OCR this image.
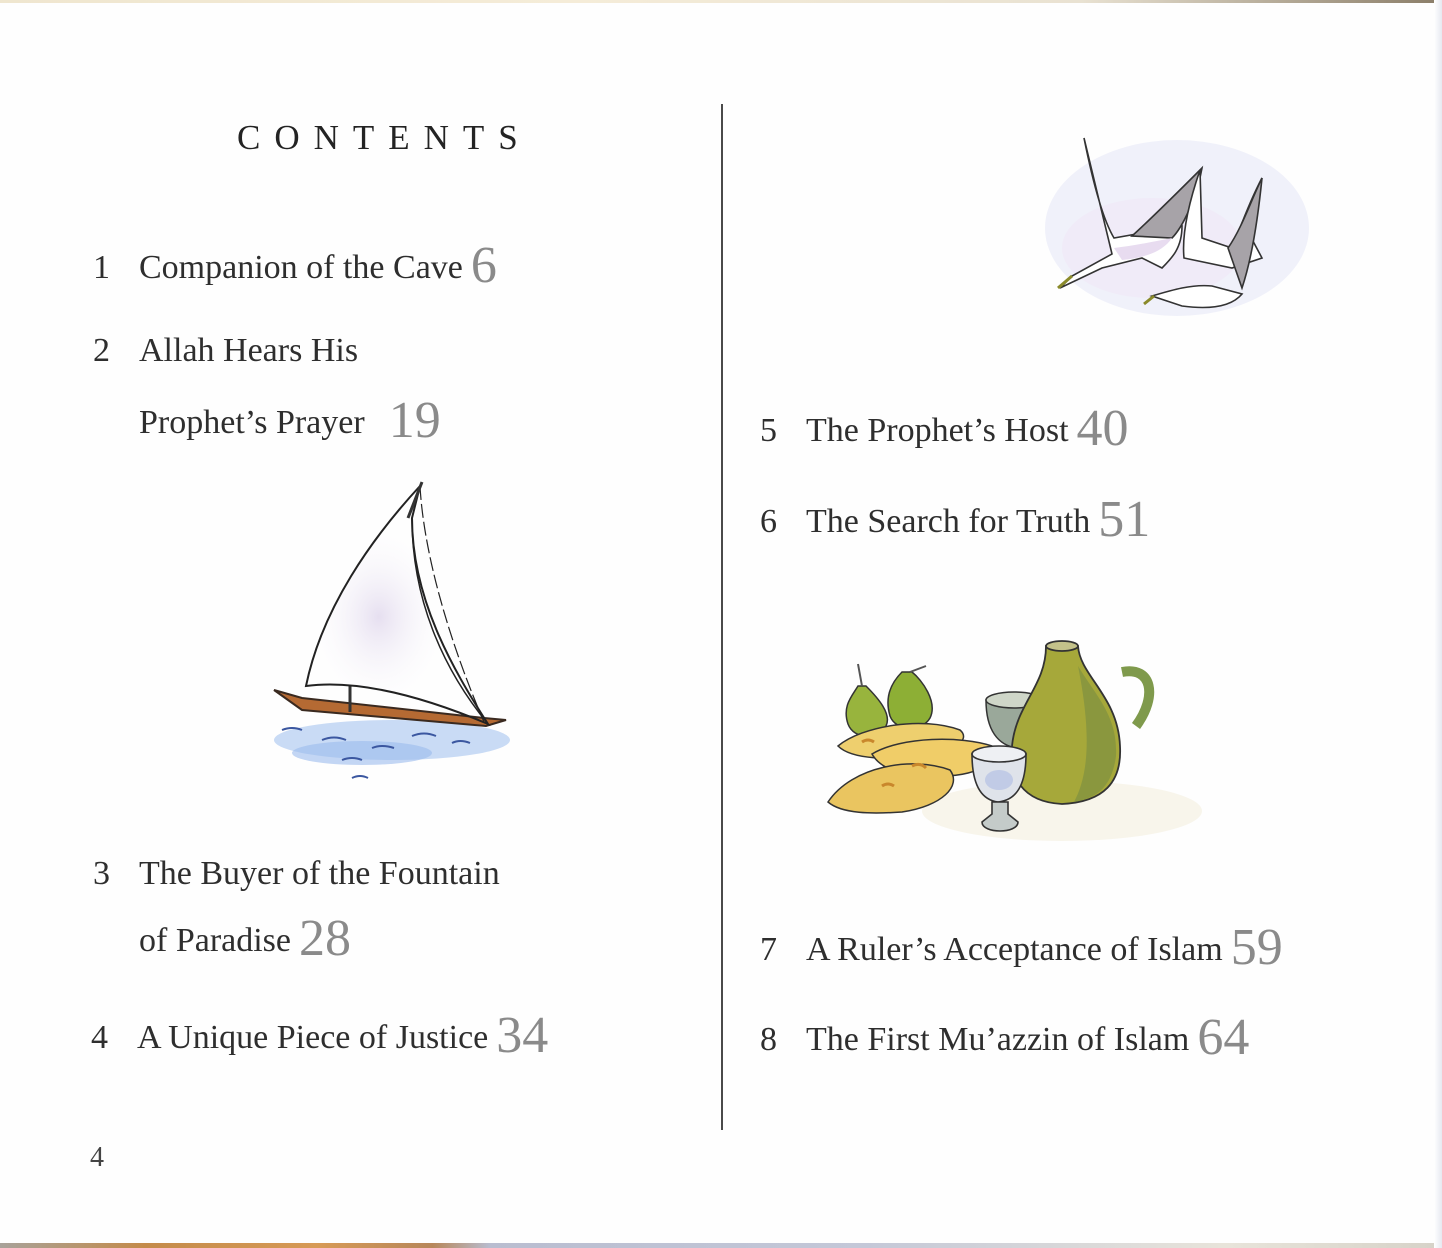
CONTENTS
1 Companion of the Cave 6
2 Allah Hears His
Prophet’s Prayer 19
3 The Buyer of the Fountain
of Paradise 28
4 A Unique Piece of Justice 34
4
5 The Prophet’s Host 40
6 The Search for Truth 51
7 A Ruler’s Acceptance of Islam 59
8 The First Mu’azzin of Islam 64
